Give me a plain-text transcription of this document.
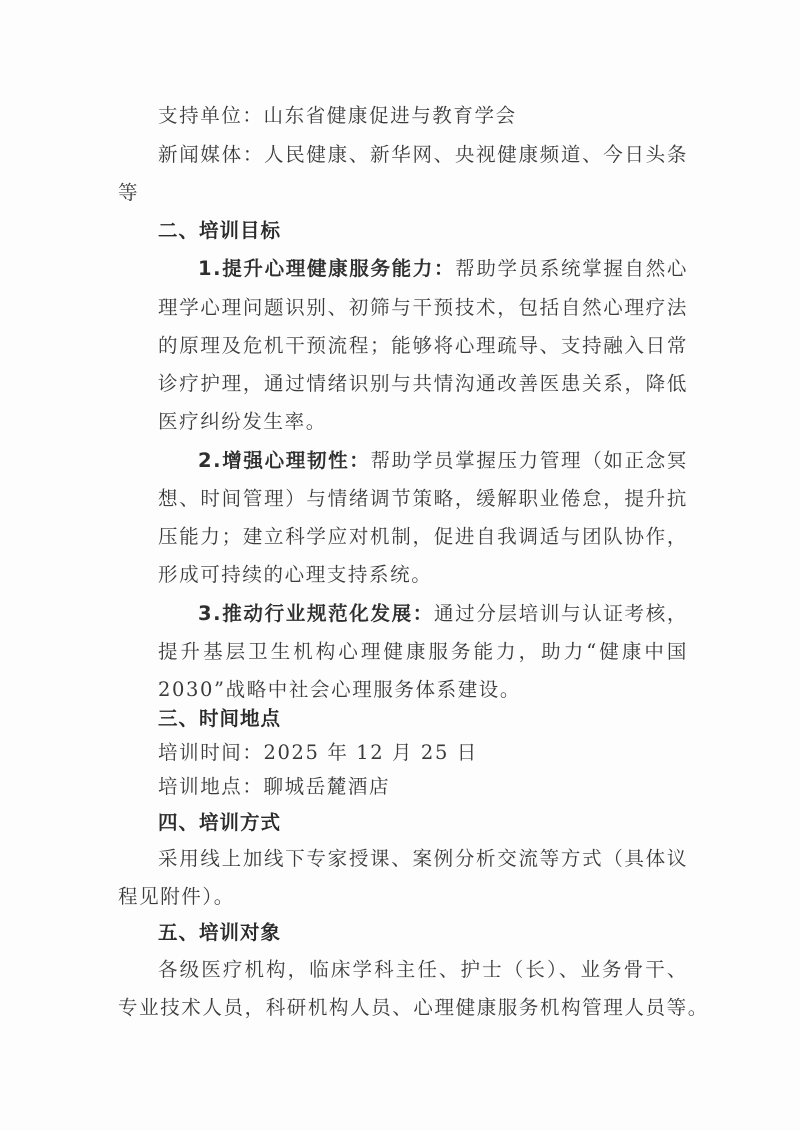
支持单位：山东省健康促进与教育学会
新闻媒体：人民健康、新华网、央视健康频道、今日头条
等
二、培训目标
1.提升心理健康服务能力：帮助学员系统掌握自然心
理学心理问题识别、初筛与干预技术，包括自然心理疗法
的原理及危机干预流程；能够将心理疏导、支持融入日常
诊疗护理，通过情绪识别与共情沟通改善医患关系，降低
医疗纠纷发生率。
2.增强心理韧性：帮助学员掌握压力管理（如正念冥
想、时间管理）与情绪调节策略，缓解职业倦怠，提升抗
压能力；建立科学应对机制，促进自我调适与团队协作，
形成可持续的心理支持系统。
3.推动行业规范化发展：通过分层培训与认证考核，
提升基层卫生机构心理健康服务能力，助力“健康中国
2030”战略中社会心理服务体系建设。
三、时间地点
培训时间：2025 年 12 月 25 日
培训地点：聊城岳麓酒店
四、培训方式
采用线上加线下专家授课、案例分析交流等方式（具体议
程见附件）。
五、培训对象
各级医疗机构，临床学科主任、护士（长）、业务骨干、
专业技术人员，科研机构人员、心理健康服务机构管理人员等。
